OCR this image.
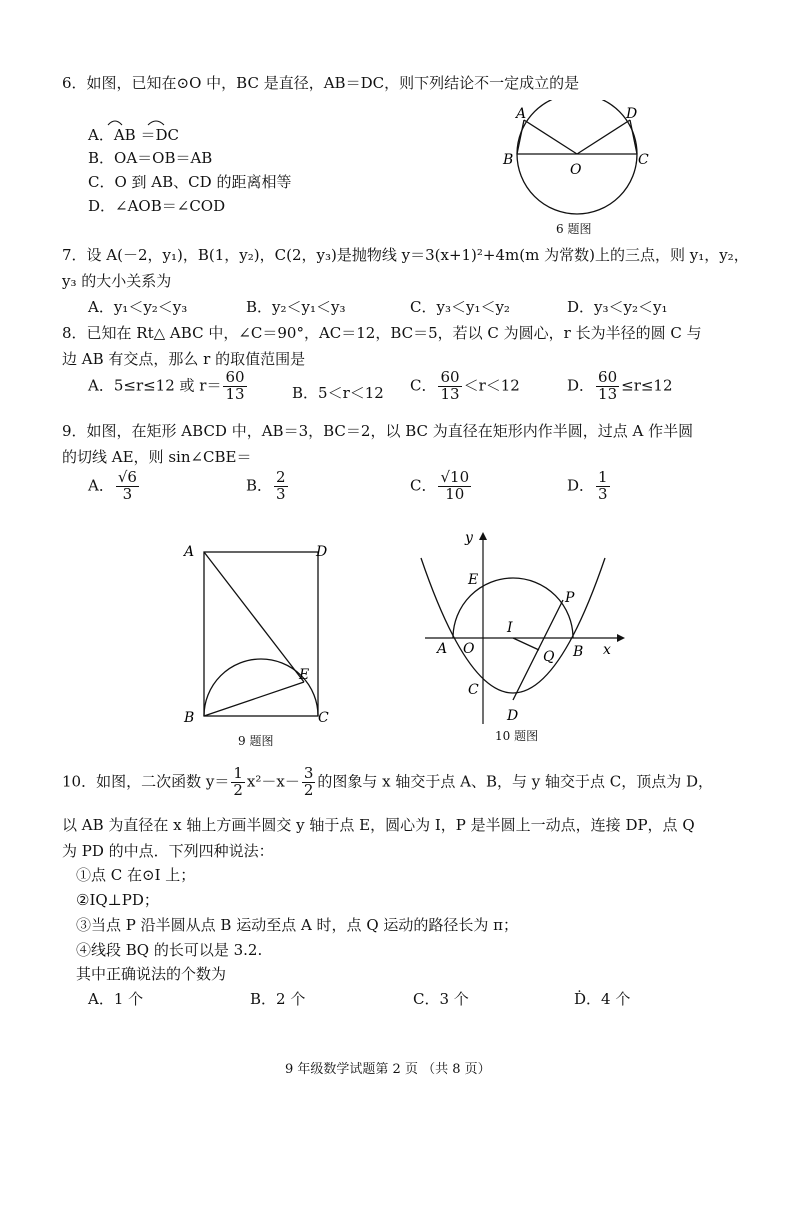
6．如图，已知在⊙O 中，BC 是直径，AB＝DC，则下列结论不一定成立的是
A．AB ＝DC
B．OA＝OB＝AB
C．O 到 AB、CD 的距离相等
D．∠AOB＝∠COD
A	D
B
O
C
6 题图
7．设 A(－2，y₁)，B(1，y₂)，C(2，y₃)是抛物线 y＝3(x+1)²+4m(m 为常数)上的三点，则 y₁，y₂，
y₃ 的大小关系为
A．y₁＜y₂＜y₃	B．y₂＜y₁＜y₃	C．y₃＜y₁＜y₂	D．y₃＜y₂＜y₁
8．已知在 Rt△ ABC 中，∠C＝90°，AC＝12，BC＝5，若以 C 为圆心，r 长为半径的圆 C 与
边 AB 有交点，那么 r 的取值范围是
A．5≤r≤12 或 $r= \frac{60}{13}$	B．5＜r＜12 C． $\frac{60}{13} <r<12$	D． $\frac{60}{13} \le r\le 12$
9．如图，在矩形 ABCD 中，AB＝3，BC＝2，以 BC 为直径在矩形内作半圆，过点 A 作半圆
的切线 AE，则 sin∠CBE＝
A． $\frac{√6}{3}$	B． $\frac{2}{3}$	C． $\frac{√10}{10}$	D． $\frac{1}{3}$
A	D
E
B	C
9 题图
y
x
E
P
I
A O	Q B
C
D
10 题图
10．如图，二次函数 $y= \frac{1}{2} x^2-x- \frac{3}{2}$ 的图象与 x 轴交于点 A、B，与 y 轴交于点 C，顶点为 D，
以 AB 为直径在 x 轴上方画半圆交 y 轴于点 E，圆心为 I，P 是半圆上一动点，连接 DP，点 Q
为 PD 的中点．下列四种说法：
①点 C 在⊙I 上；
②IQ⊥PD；
③当点 P 沿半圆从点 B 运动至点 A 时，点 Q 运动的路径长为 π；
④线段 BQ 的长可以是 3.2.
其中正确说法的个数为
A．1 个	B．2 个	C．3 个	Ḋ．4 个
9 年级数学试题第 2 页 （共 8 页）
